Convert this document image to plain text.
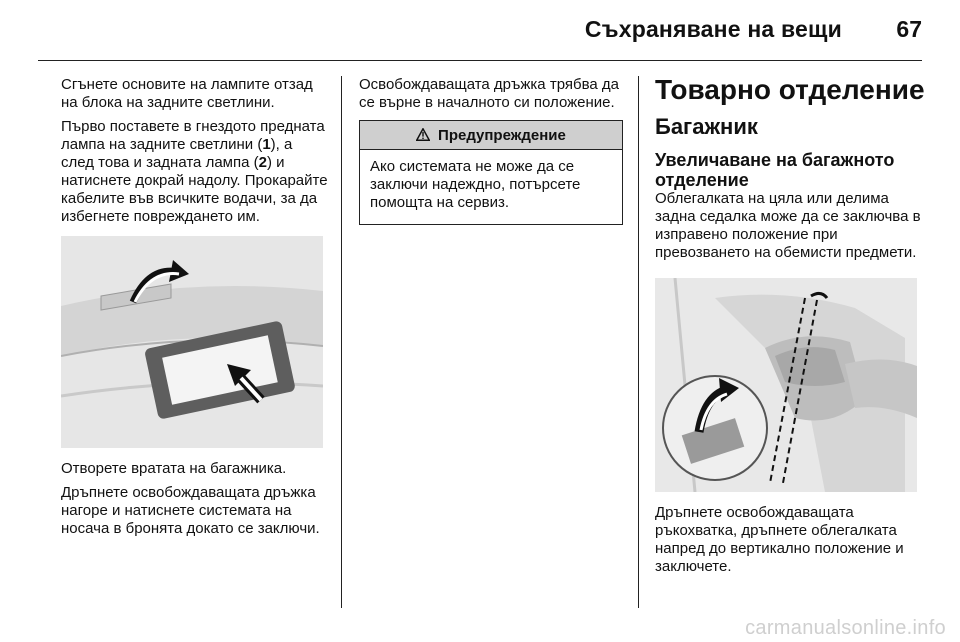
Съхраняване на вещи 67

Сгънете основите на лампите отзад на блока на задните светлини.

Първо поставете в гнездото предната лампа на задните светлини (1), а след това и задната лампа (2) и натиснете докрай надолу. Прокарайте кабелите във всичките водачи, за да избегнете повреждането им.

Отворете вратата на багажника.

Дръпнете освобождаващата дръжка нагоре и натиснете системата на носача в бронята докато се заключи.

Освобождаващата дръжка трябва да се върне в началното си положение.

Предупреждение

Ако системата не може да се заключи надеждно, потърсете помощта на сервиз.

Товарно отделение
Багажник
Увеличаване на багажното отделение

Облегалката на цяла или делима задна седалка може да се заключва в изправено положение при превозването на обемисти предмети.

Дръпнете освобождаващата ръкохватка, дръпнете облегалката напред до вертикално положение и заключете.

carmanualsonline.info
